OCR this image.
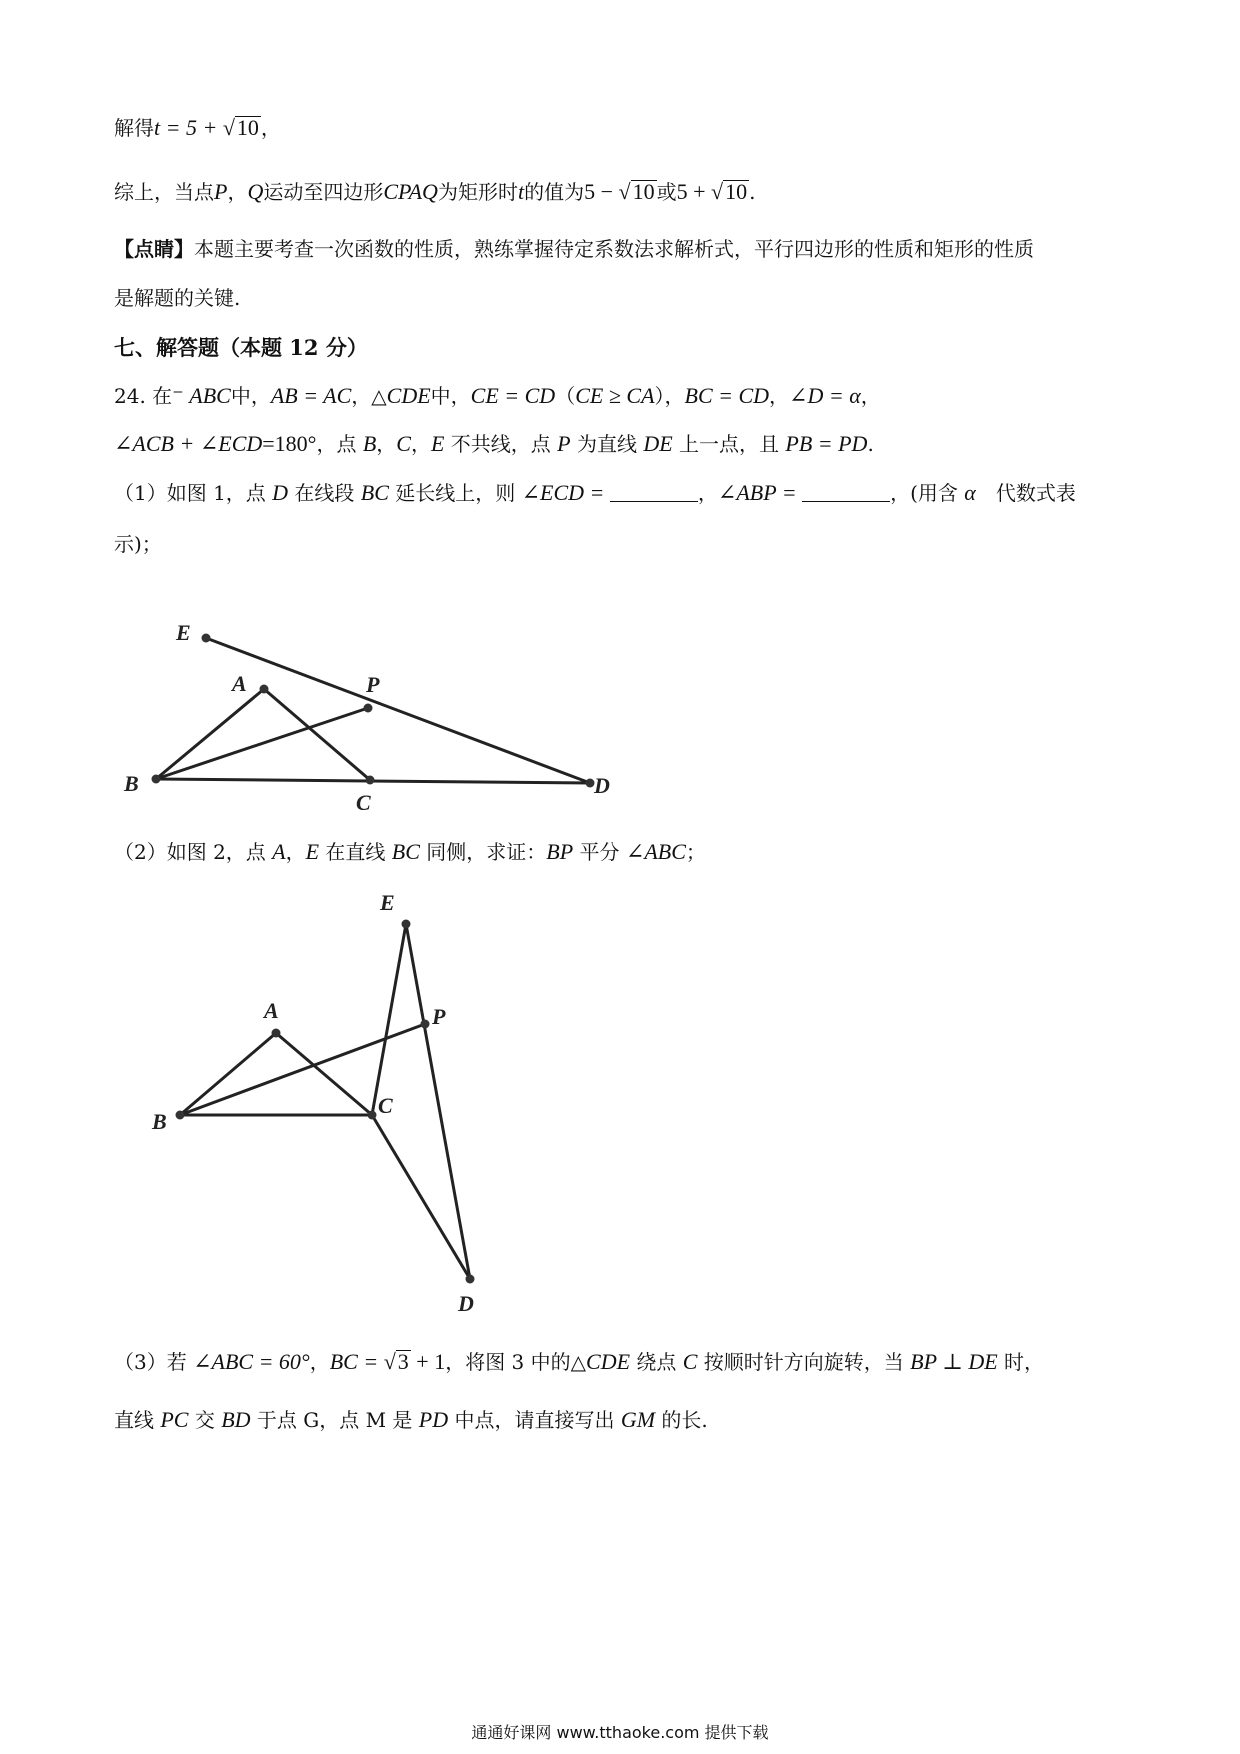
解得t = 5 + √10 ，
综上，当点P，Q运动至四边形CPAQ为矩形时t的值为5 − √10 或5 + √10 .
【点睛】本题主要考查一次函数的性质，熟练掌握待定系数法求解析式，平行四边形的性质和矩形的性质
是解题的关键.
七、解答题（本题 12 分）
24. 在⁻ ABC中，AB = AC，△CDE中，CE = CD（CE ≥ CA），BC = CD，∠D = α，
∠ACB + ∠ECD=180°，点 B，C，E 不共线，点 P 为直线 DE 上一点，且 PB = PD.
（1）如图 1，点 D 在线段 BC 延长线上，则 ∠ECD =	，∠ABP =	，(用含 α　代数式表
示)；
E
A	P
B
C
D
（2）如图 2，点 A，E 在直线 BC 同侧，求证：BP 平分 ∠ABC；
E
A	P
B
C
D
（3）若 ∠ABC = 60°，BC = √3 + 1，将图 3 中的△CDE 绕点 C 按顺时针方向旋转，当 BP ⊥ DE 时，
直线 PC 交 BD 于点 G，点 M 是 PD 中点，请直接写出 GM 的长.
通通好课网 www.tthaoke.com 提供下载
